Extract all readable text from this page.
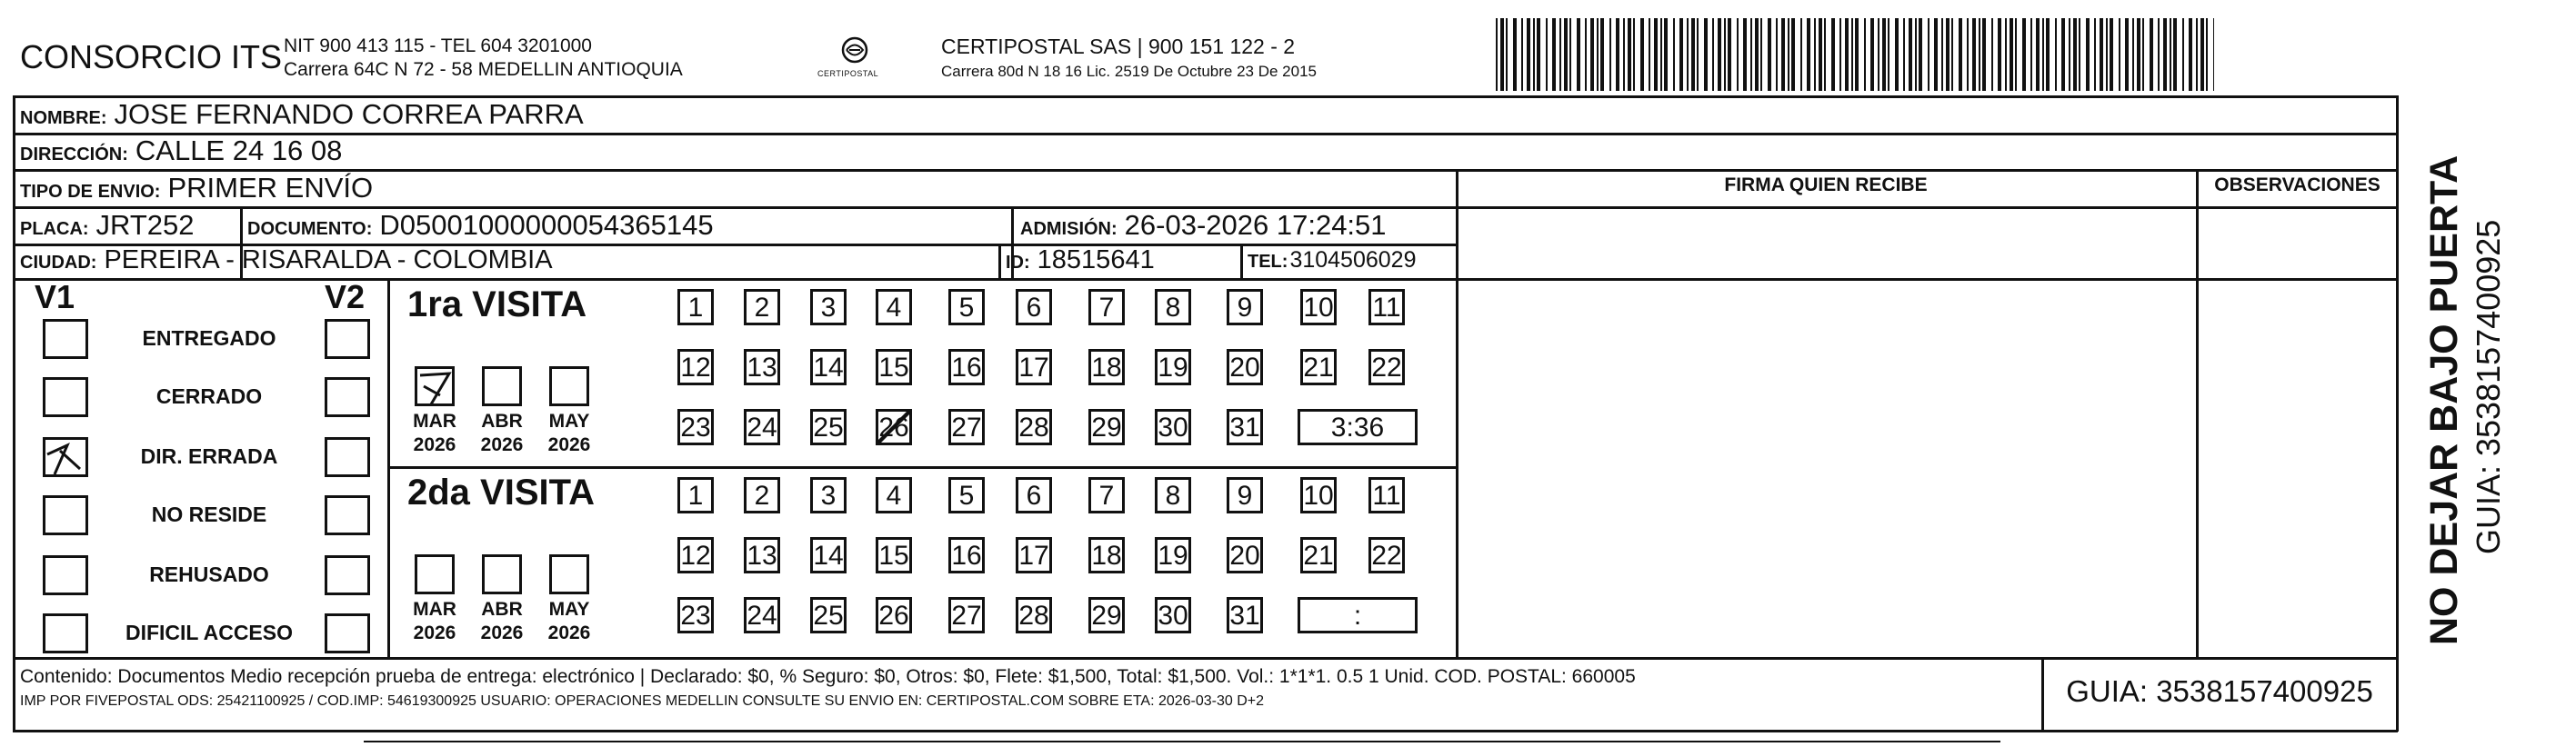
CONSORCIO ITS NIT 900 413 115 - TEL 604 3201000
Carrera 64C N 72 - 58 MEDELLIN ANTIOQUIA	CERTIPOSTAL
CERTIPOSTAL SAS | 900 151 122 - 2
Carrera 80d N 18 16 Lic. 2519 De Octubre 23 De 2015
NOMBRE: JOSE FERNANDO CORREA PARRA
DIRECCIÓN: CALLE 24 16 08
TIPO DE ENVIO: PRIMER ENVÍO
PLACA: JRT252	DOCUMENTO: D05001000000054365145	ADMISIÓN: 26-03-2026 17:24:51
CIUDAD: PEREIRA - RISARALDA - COLOMBIA	ID: 18515641	TEL: 3104506029
FIRMA QUIEN RECIBE	OBSERVACIONES
V1	V2
ENTREGADO
CERRADO
DIR. ERRADA
NO RESIDE
REHUSADO
DIFICIL ACCESO
1ra VISITA
MAR
2026
ABR
2026
MAY
2026
1	2	3	4	5	6	7	8	9	10 11
12 13 14 15 16 17 18 19 20 21 22
23 24 25 26 27 28 29 30 31	3:36
2da VISITA
MAR
2026
ABR
2026
MAY
2026
1	2	3	4	5	6	7	8	9	10 11
12 13 14 15 16 17 18 19 20 21 22
23 24 25 26 27 28 29 30 31	:
Contenido: Documentos Medio recepción prueba de entrega: electrónico | Declarado: $0, % Seguro: $0, Otros: $0, Flete: $1,500, Total: $1,500. Vol.: 1*1*1. 0.5 1 Unid. COD. POSTAL: 660005
IMP POR FIVEPOSTAL ODS: 25421100925 / COD.IMP: 54619300925 USUARIO: OPERACIONES MEDELLIN CONSULTE SU ENVIO EN: CERTIPOSTAL.COM SOBRE ETA: 2026-03-30 D+2	GUIA: 3538157400925
NO DEJAR BAJO PUERTA GUIA: 3538157400925
